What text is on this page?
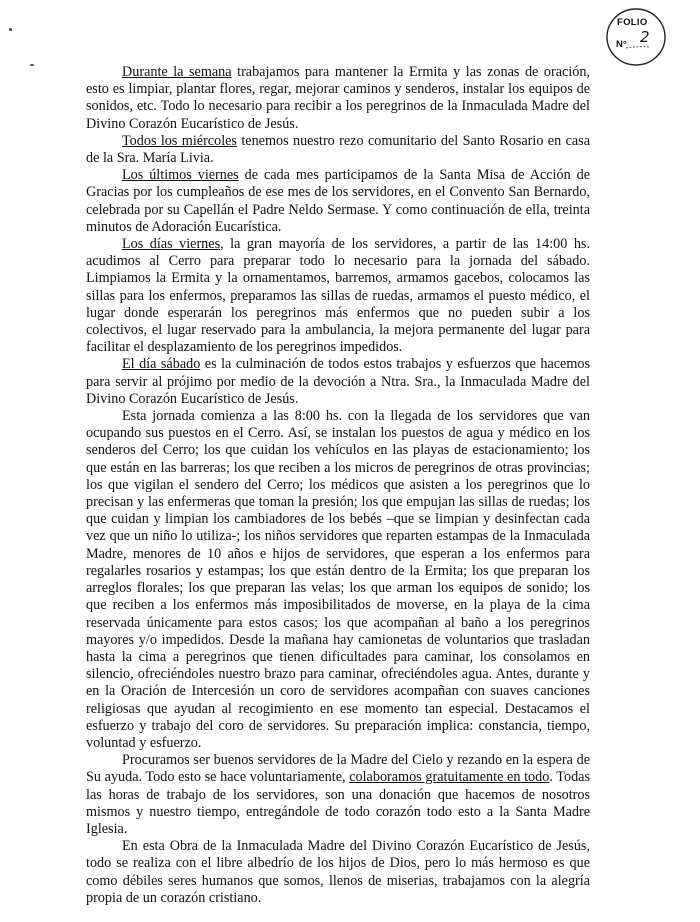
FOLIO
N° 2

Durante la semana trabajamos para mantener la Ermita y las zonas de oración, esto es limpiar, plantar flores, regar, mejorar caminos y senderos, instalar los equipos de sonidos, etc. Todo lo necesario para recibir a los peregrinos de la Inmaculada Madre del Divino Corazón Eucarístico de Jesús.

Todos los miércoles tenemos nuestro rezo comunitario del Santo Rosario en casa de la Sra. María Livia.

Los últimos viernes de cada mes participamos de la Santa Misa de Acción de Gracias por los cumpleaños de ese mes de los servidores, en el Convento San Bernardo, celebrada por su Capellán el Padre Neldo Sermase. Y como continuación de ella, treinta minutos de Adoración Eucarística.

Los días viernes, la gran mayoría de los servidores, a partir de las 14:00 hs. acudimos al Cerro para preparar todo lo necesario para la jornada del sábado. Limpiamos la Ermita y la ornamentamos, barremos, armamos gacebos, colocamos las sillas para los enfermos, preparamos las sillas de ruedas, armamos el puesto médico, el lugar donde esperarán los peregrinos más enfermos que no pueden subir a los colectivos, el lugar reservado para la ambulancia, la mejora permanente del lugar para facilitar el desplazamiento de los peregrinos impedidos.

El día sábado es la culminación de todos estos trabajos y esfuerzos que hacemos para servir al prójimo por medio de la devoción a Ntra. Sra., la Inmaculada Madre del Divino Corazón Eucarístico de Jesús.

Esta jornada comienza a las 8:00 hs. con la llegada de los servidores que van ocupando sus puestos en el Cerro. Así, se instalan los puestos de agua y médico en los senderos del Cerro; los que cuidan los vehículos en las playas de estacionamiento; los que están en las barreras; los que reciben a los micros de peregrinos de otras provincias; los que vigilan el sendero del Cerro; los médicos que asisten a los peregrinos que lo precisan y las enfermeras que toman la presión; los que empujan las sillas de ruedas; los que cuidan y limpian los cambiadores de los bebés –que se limpian y desinfectan cada vez que un niño lo utiliza-; los niños servidores que reparten estampas de la Inmaculada Madre, menores de 10 años e hijos de servidores, que esperan a los enfermos para regalarles rosarios y estampas; los que están dentro de la Ermita; los que preparan los arreglos florales; los que preparan las velas; los que arman los equipos de sonido; los que reciben a los enfermos más imposibilitados de moverse, en la playa de la cima reservada únicamente para estos casos; los que acompañan al baño a los peregrinos mayores y/o impedidos. Desde la mañana hay camionetas de voluntarios que trasladan hasta la cima a peregrinos que tienen dificultades para caminar, los consolamos en silencio, ofreciéndoles nuestro brazo para caminar, ofreciéndoles agua. Antes, durante y en la Oración de Intercesión un coro de servidores acompañan con suaves canciones religiosas que ayudan al recogimiento en ese momento tan especial. Destacamos el esfuerzo y trabajo del coro de servidores. Su preparación implica: constancia, tiempo, voluntad y esfuerzo.

Procuramos ser buenos servidores de la Madre del Cielo y rezando en la espera de Su ayuda. Todo esto se hace voluntariamente, colaboramos gratuitamente en todo. Todas las horas de trabajo de los servidores, son una donación que hacemos de nosotros mismos y nuestro tiempo, entregándole de todo corazón todo esto a la Santa Madre Iglesia.

En esta Obra de la Inmaculada Madre del Divino Corazón Eucarístico de Jesús, todo se realiza con el libre albedrío de los hijos de Dios, pero lo más hermoso es que como débiles seres humanos que somos, llenos de miserias, trabajamos con la alegría propia de un corazón cristiano.
